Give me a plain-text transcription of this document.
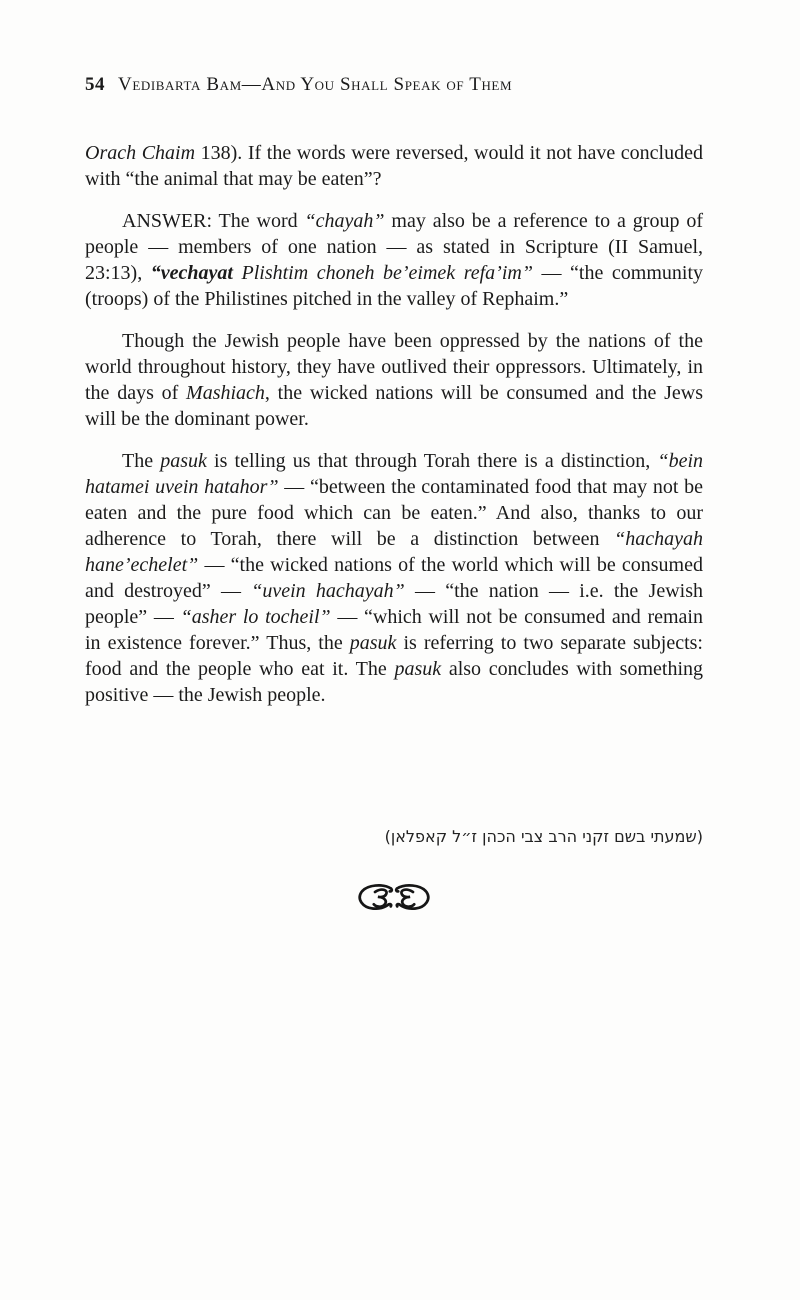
54 Vedibarta Bam—And You Shall Speak of Them

Orach Chaim 138). If the words were reversed, would it not have concluded with “the animal that may be eaten”?

ANSWER: The word “chayah” may also be a reference to a group of people — members of one nation — as stated in Scripture (II Samuel, 23:13), “vechayat Plishtim choneh be’eimek refa’im” — “the community (troops) of the Philistines pitched in the valley of Rephaim.”

Though the Jewish people have been oppressed by the nations of the world throughout history, they have outlived their oppressors. Ultimately, in the days of Mashiach, the wicked nations will be consumed and the Jews will be the dominant power.

The pasuk is telling us that through Torah there is a distinction, “bein hatamei uvein hatahor” — “between the contaminated food that may not be eaten and the pure food which can be eaten.” And also, thanks to our adherence to Torah, there will be a distinction between “hachayah hane’echelet” — “the wicked nations of the world which will be consumed and destroyed” — “uvein hachayah” — “the nation — i.e. the Jewish people” — “asher lo tocheil” — “which will not be consumed and remain in existence forever.” Thus, the pasuk is referring to two separate subjects: food and the people who eat it. The pasuk also concludes with something positive — the Jewish people.

(שמעתי בשם זקני הרב צבי הכהן ז״ל קאפלאן)
